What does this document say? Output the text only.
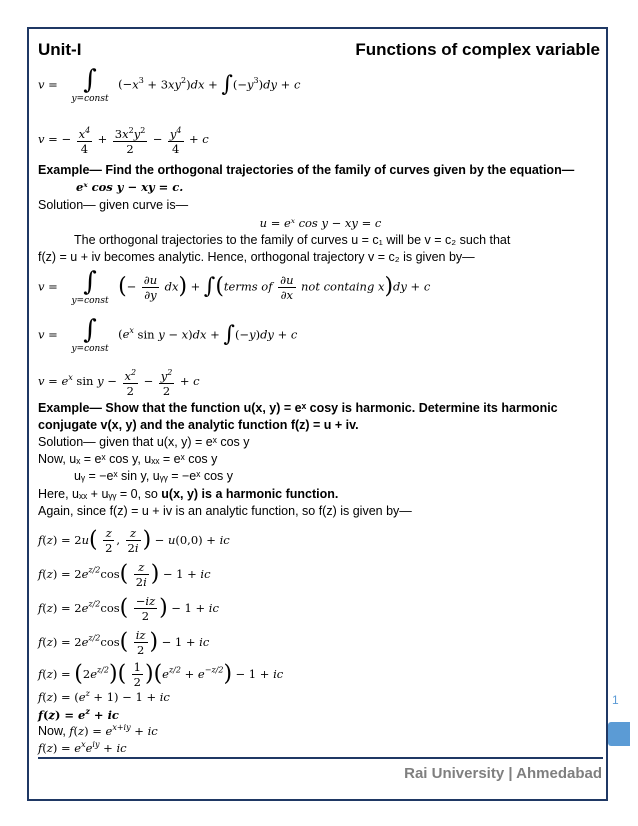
Unit-I	Functions of complex variable
v = ∫
y=const
$(-x^3 + 3xy^2)dx + \int(-y^3)dy + c$
v = − $\frac{x^4}{4} + \frac{3x^2y^2}{2} - \frac{y^4}{4} + c$
Example— Find the orthogonal trajectories of the family of curves given by the equation—
eˣ cos y − xy = c.
Solution— given curve is—
u = eˣ cos y − xy = c
The orthogonal trajectories to the family of curves u = c₁ will be v = c₂ such that
f(z) = u + iv becomes analytic. Hence, orthogonal trajectory v = c₂ is given by—
v = ∫
y=const
(− $\frac{\partial u}{\partial y} dx$) + ∫(terms of $\frac{\partial u}{\partial x}$ not containg x)dy + c
v = ∫
y=const
($e^x$ sin y − x)dx + ∫(−y)dy + c
$v = e^x$ $\sin y - \frac{x^2}{2} - \frac{y^2}{2} + c$
Example— Show that the function u(x, y) = eˣ cosy is harmonic. Determine its harmonic
conjugate v(x, y) and the analytic function f(z) = u + iv.
Solution— given that u(x, y) = eˣ cos y
Now, uₓ = eˣ cos y, uₓₓ = eˣ cos y
uᵧ = −eˣ sin y, uᵧᵧ = −eˣ cos y
Here, uₓₓ + uᵧᵧ = 0, so u(x, y) is a harmonic function.
Again, since f(z) = u + iv is an analytic function, so f(z) is given by—
$f(z) = 2u( \frac{z}{2}$ , $\frac{z}{2i}$ ) − u(0,0) + ic
$f(z) = 2e^{z/2}\cos( \frac{z}{2i}$ ) − 1 + ic
$f(z) = 2e^{z/2}\cos( \frac{-iz}{2}$ ) − 1 + ic
$f(z) = 2e^{z/2}\cos( \frac{iz}{2}$ ) − 1 + ic
$f(z) = (2e^{z/2})( \frac{1}{2} )(e^{z/2} + e^{-z/2}) - 1$ + ic
$f(z) = (e^z + 1) - 1$ + ic
$f(z) = e^z$ + ic
Now, $f(z) = e^{x+iy}$ + ic
$f(z) = e^xe^{iy}$ + ic
Rai University | Ahmedabad
1
